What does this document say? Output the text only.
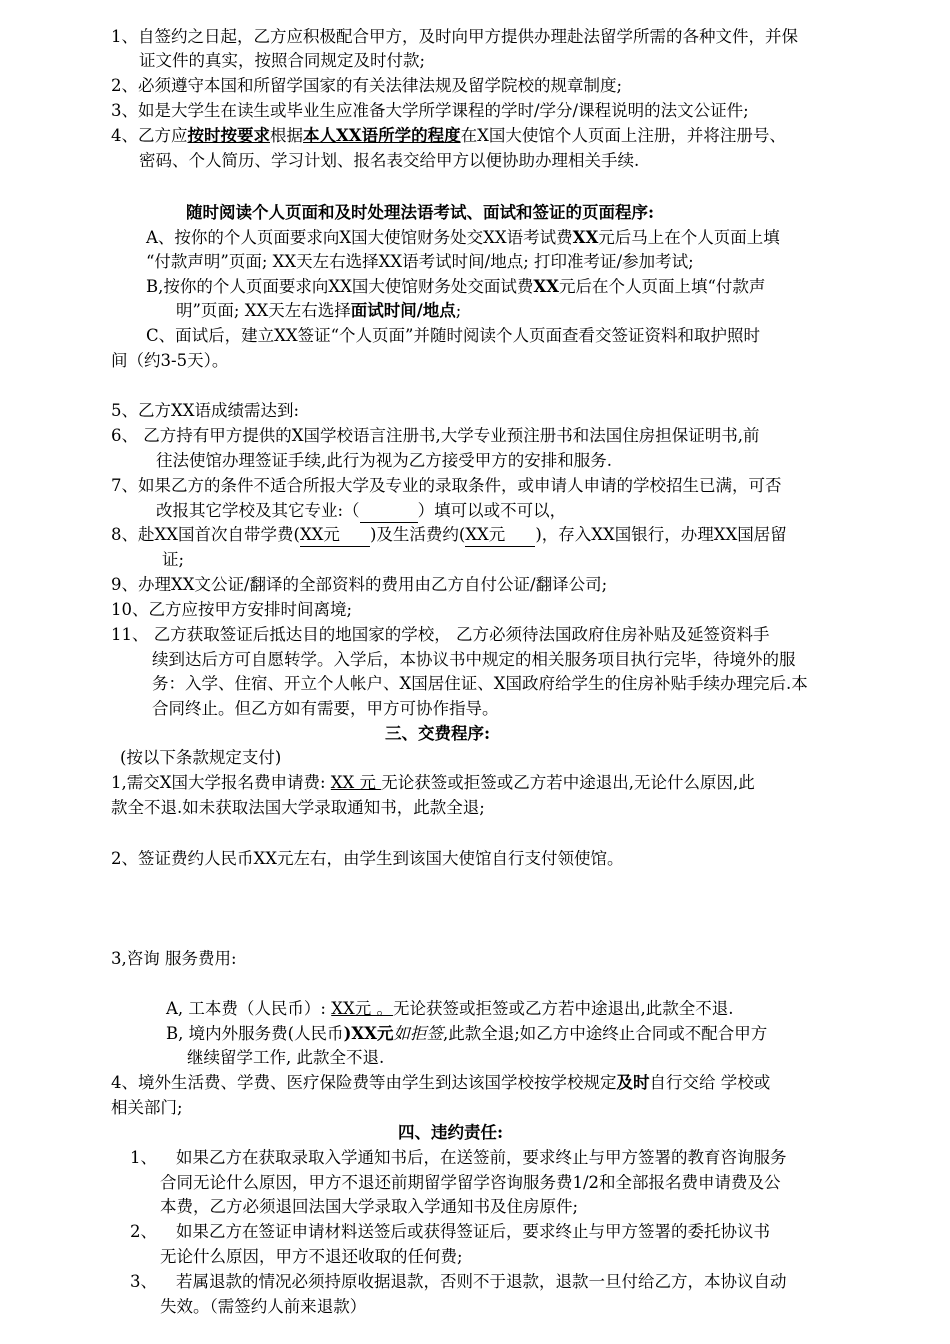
1、自签约之日起，乙方应积极配合甲方，及时向甲方提供办理赴法留学所需的各种文件，并保
证文件的真实，按照合同规定及时付款;
2、必须遵守本国和所留学国家的有关法律法规及留学院校的规章制度;
3、如是大学生在读生或毕业生应准备大学所学课程的学时/学分/课程说明的法文公证件;
4、乙方应按时按要求根据本人XX语所学的程度在X国大使馆个人页面上注册，并将注册号、
密码、个人简历、学习计划、报名表交给甲方以便协助办理相关手续.
随时阅读个人页面和及时处理法语考试、面试和签证的页面程序:
A、按你的个人页面要求向X国大使馆财务处交XX语考试费XX元后马上在个人页面上填
“付款声明”页面; XX天左右选择XX语考试时间/地点; 打印准考证/参加考试;
B,按你的个人页面要求向XX国大使馆财务处交面试费XX元后在个人页面上填“付款声
明”页面; XX天左右选择面试时间/地点;
C、面试后，建立XX签证“个人页面”并随时阅读个人页面查看交签证资料和取护照时
间（约3-5天）。
5、乙方XX语成绩需达到:
6、 乙方持有甲方提供的X国学校语言注册书,大学专业预注册书和法国住房担保证明书,前
往法使馆办理签证手续,此行为视为乙方接受甲方的安排和服务.
7、如果乙方的条件不适合所报大学及专业的录取条件，或申请人申请的学校招生已满，可否
改报其它学校及其它专业:（	）填可以或不可以，
8、赴XX国首次自带学费(XX元 )及生活费约(XX元 )，存入XX国银行，办理XX国居留
证;
9、办理XX文公证/翻译的全部资料的费用由乙方自付公证/翻译公司;
10、乙方应按甲方安排时间离境;
11、 乙方获取签证后抵达目的地国家的学校， 乙方必须待法国政府住房补贴及延签资料手
续到达后方可自愿转学。入学后，本协议书中规定的相关服务项目执行完毕，待境外的服
务：入学、住宿、开立个人帐户、X国居住证、X国政府给学生的住房补贴手续办理完后.本
合同终止。但乙方如有需要，甲方可协作指导。
三、交费程序:
(按以下条款规定支付)
1,需交X国大学报名费申请费: XX 元 无论获签或拒签或乙方若中途退出,无论什么原因,此
款全不退.如未获取法国大学录取通知书，此款全退;
2、签证费约人民币XX元左右，由学生到该国大使馆自行支付领使馆。
3,咨询 服务费用:
A, 工本费（人民币）: XX元 。无论获签或拒签或乙方若中途退出,此款全不退.
B, 境内外服务费(人民币)XX元如拒签,此款全退;如乙方中途终止合同或不配合甲方
继续留学工作, 此款全不退.
4、境外生活费、学费、医疗保险费等由学生到达该国学校按学校规定及时自行交给 学校或
相关部门;
四、违约责任:
1、 如果乙方在获取录取入学通知书后，在送签前，要求终止与甲方签署的教育咨询服务
合同无论什么原因，甲方不退还前期留学留学咨询服务费1/2和全部报名费申请费及公
本费，乙方必须退回法国大学录取入学通知书及住房原件;
2、 如果乙方在签证申请材料送签后或获得签证后，要求终止与甲方签署的委托协议书
无论什么原因，甲方不退还收取的任何费;
3、 若属退款的情况必须持原收据退款，否则不于退款，退款一旦付给乙方，本协议自动
失效。（需签约人前来退款）
